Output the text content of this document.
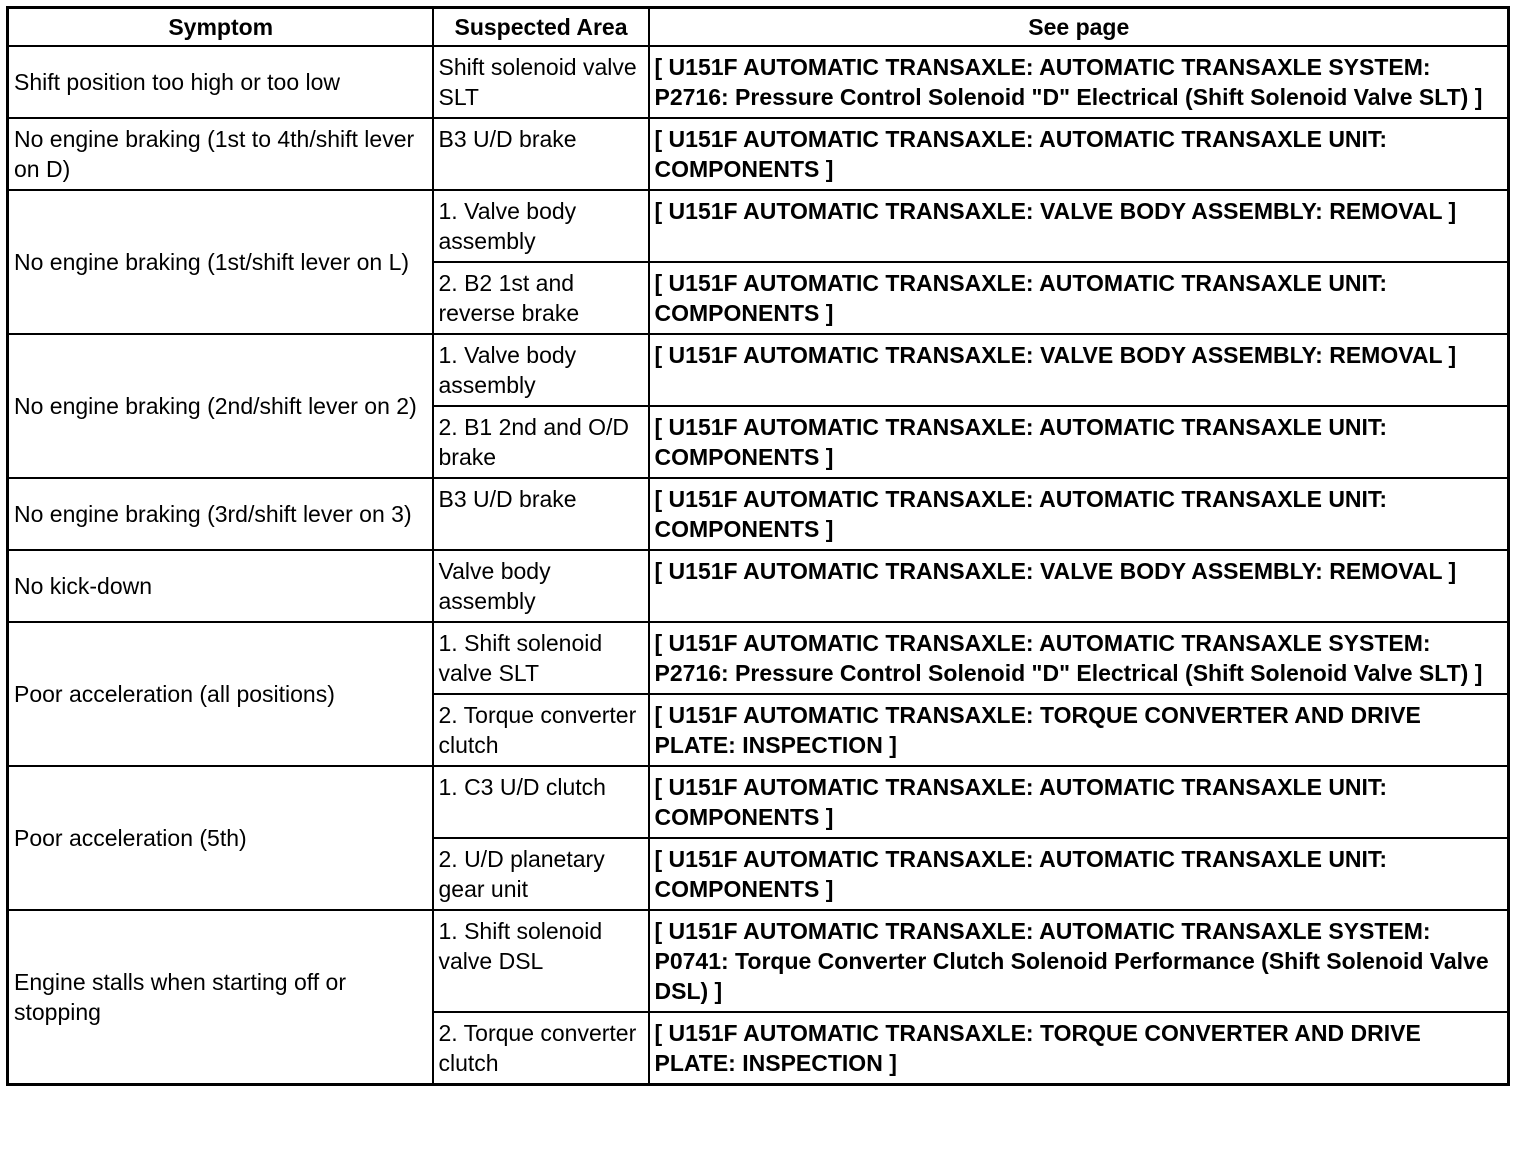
Symptom	Suspected Area	See page
Shift position too high or too low	Shift solenoid valve SLT	[ U151F AUTOMATIC TRANSAXLE: AUTOMATIC TRANSAXLE SYSTEM: P2716: Pressure Control Solenoid "D" Electrical (Shift Solenoid Valve SLT) ]
No engine braking (1st to 4th/shift lever on D)	B3 U/D brake	[ U151F AUTOMATIC TRANSAXLE: AUTOMATIC TRANSAXLE UNIT: COMPONENTS ]
No engine braking (1st/shift lever on L)	1. Valve body assembly	[ U151F AUTOMATIC TRANSAXLE: VALVE BODY ASSEMBLY: REMOVAL ]
	2. B2 1st and reverse brake	[ U151F AUTOMATIC TRANSAXLE: AUTOMATIC TRANSAXLE UNIT: COMPONENTS ]
No engine braking (2nd/shift lever on 2)	1. Valve body assembly	[ U151F AUTOMATIC TRANSAXLE: VALVE BODY ASSEMBLY: REMOVAL ]
	2. B1 2nd and O/D brake	[ U151F AUTOMATIC TRANSAXLE: AUTOMATIC TRANSAXLE UNIT: COMPONENTS ]
No engine braking (3rd/shift lever on 3)	B3 U/D brake	[ U151F AUTOMATIC TRANSAXLE: AUTOMATIC TRANSAXLE UNIT: COMPONENTS ]
No kick-down	Valve body assembly	[ U151F AUTOMATIC TRANSAXLE: VALVE BODY ASSEMBLY: REMOVAL ]
Poor acceleration (all positions)	1. Shift solenoid valve SLT	[ U151F AUTOMATIC TRANSAXLE: AUTOMATIC TRANSAXLE SYSTEM: P2716: Pressure Control Solenoid "D" Electrical (Shift Solenoid Valve SLT) ]
	2. Torque converter clutch	[ U151F AUTOMATIC TRANSAXLE: TORQUE CONVERTER AND DRIVE PLATE: INSPECTION ]
Poor acceleration (5th)	1. C3 U/D clutch	[ U151F AUTOMATIC TRANSAXLE: AUTOMATIC TRANSAXLE UNIT: COMPONENTS ]
	2. U/D planetary gear unit	[ U151F AUTOMATIC TRANSAXLE: AUTOMATIC TRANSAXLE UNIT: COMPONENTS ]
Engine stalls when starting off or stopping	1. Shift solenoid valve DSL	[ U151F AUTOMATIC TRANSAXLE: AUTOMATIC TRANSAXLE SYSTEM: P0741: Torque Converter Clutch Solenoid Performance (Shift Solenoid Valve DSL) ]
	2. Torque converter clutch	[ U151F AUTOMATIC TRANSAXLE: TORQUE CONVERTER AND DRIVE PLATE: INSPECTION ]
